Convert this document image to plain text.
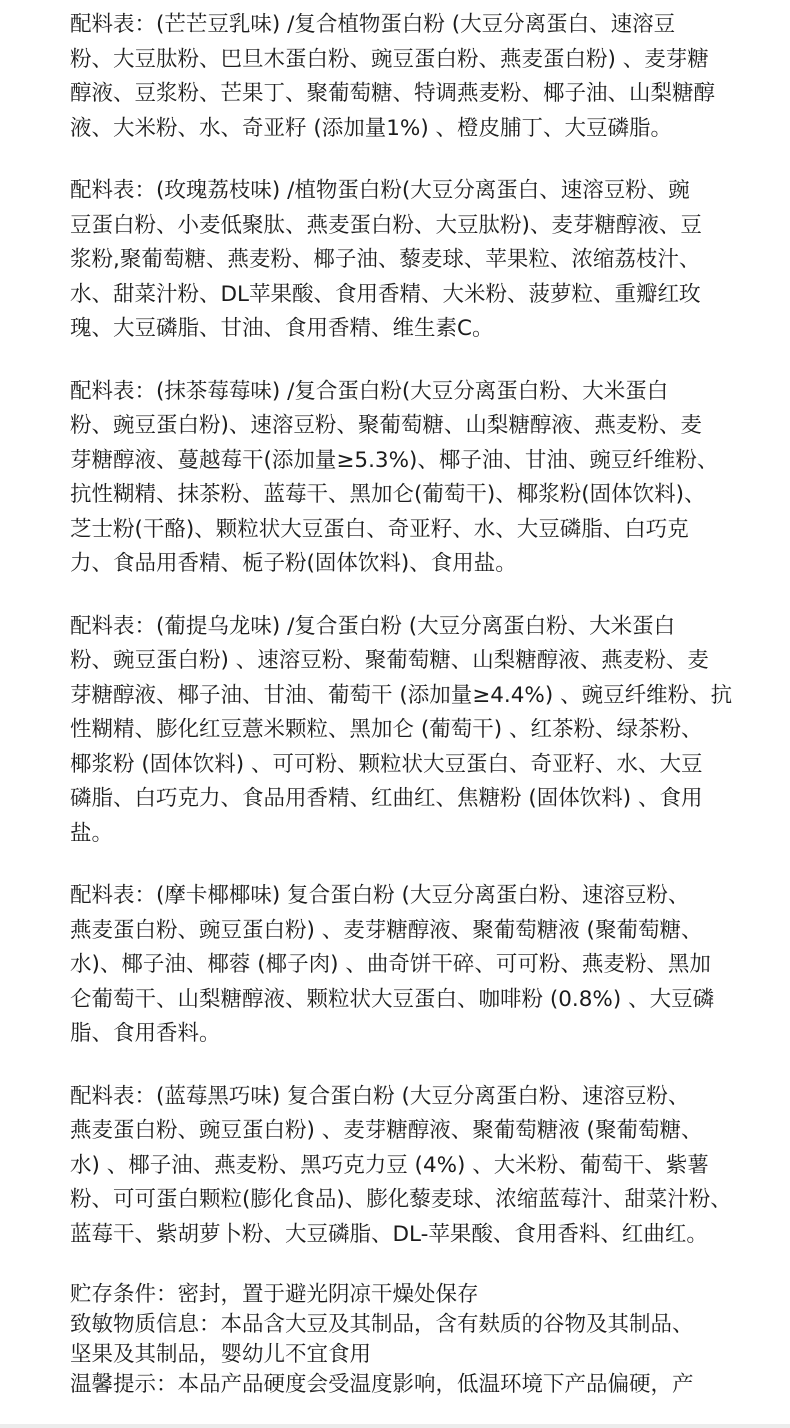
配料表：(芒芒豆乳味) /复合植物蛋白粉 (大豆分离蛋白、速溶豆
粉、大豆肽粉、巴旦木蛋白粉、豌豆蛋白粉、燕麦蛋白粉) 、麦芽糖
醇液、豆浆粉、芒果丁、聚葡萄糖、特调燕麦粉、椰子油、山梨糖醇
液、大米粉、水、奇亚籽 (添加量1%) 、橙皮脯丁、大豆磷脂。
配料表：(玫瑰荔枝味) /植物蛋白粉(大豆分离蛋白、速溶豆粉、豌
豆蛋白粉、小麦低聚肽、燕麦蛋白粉、大豆肽粉)、麦芽糖醇液、豆
浆粉,聚葡萄糖、燕麦粉、椰子油、藜麦球、苹果粒、浓缩荔枝汁、
水、甜菜汁粉、DL苹果酸、食用香精、大米粉、菠萝粒、重瓣红玫
瑰、大豆磷脂、甘油、食用香精、维生素C。
配料表：(抹茶莓莓味) /复合蛋白粉(大豆分离蛋白粉、大米蛋白
粉、豌豆蛋白粉)、速溶豆粉、聚葡萄糖、山梨糖醇液、燕麦粉、麦
芽糖醇液、蔓越莓干(添加量≥5.3%)、椰子油、甘油、豌豆纤维粉、
抗性糊精、抹茶粉、蓝莓干、黑加仑(葡萄干)、椰浆粉(固体饮料)、
芝士粉(干酪)、颗粒状大豆蛋白、奇亚籽、水、大豆磷脂、白巧克
力、食品用香精、栀子粉(固体饮料)、食用盐。
配料表：(葡提乌龙味) /复合蛋白粉 (大豆分离蛋白粉、大米蛋白
粉、豌豆蛋白粉) 、速溶豆粉、聚葡萄糖、山梨糖醇液、燕麦粉、麦
芽糖醇液、椰子油、甘油、葡萄干 (添加量≥4.4%) 、豌豆纤维粉、抗
性糊精、膨化红豆薏米颗粒、黑加仑 (葡萄干) 、红茶粉、绿茶粉、
椰浆粉 (固体饮料) 、可可粉、颗粒状大豆蛋白、奇亚籽、水、大豆
磷脂、白巧克力、食品用香精、红曲红、焦糖粉 (固体饮料) 、食用
盐。
配料表：(摩卡椰椰味) 复合蛋白粉 (大豆分离蛋白粉、速溶豆粉、
燕麦蛋白粉、豌豆蛋白粉) 、麦芽糖醇液、聚葡萄糖液 (聚葡萄糖、
水)、椰子油、椰蓉 (椰子肉) 、曲奇饼干碎、可可粉、燕麦粉、黑加
仑葡萄干、山梨糖醇液、颗粒状大豆蛋白、咖啡粉 (0.8%) 、大豆磷
脂、食用香料。
配料表：(蓝莓黑巧味) 复合蛋白粉 (大豆分离蛋白粉、速溶豆粉、
燕麦蛋白粉、豌豆蛋白粉) 、麦芽糖醇液、聚葡萄糖液 (聚葡萄糖、
水) 、椰子油、燕麦粉、黑巧克力豆 (4%) 、大米粉、葡萄干、紫薯
粉、可可蛋白颗粒(膨化食品)、膨化藜麦球、浓缩蓝莓汁、甜菜汁粉、
蓝莓干、紫胡萝卜粉、大豆磷脂、DL-苹果酸、食用香料、红曲红。
贮存条件：密封，置于避光阴凉干燥处保存
致敏物质信息：本品含大豆及其制品，含有麸质的谷物及其制品、
坚果及其制品，婴幼儿不宜食用
温馨提示：本品产品硬度会受温度影响，低温环境下产品偏硬，产
